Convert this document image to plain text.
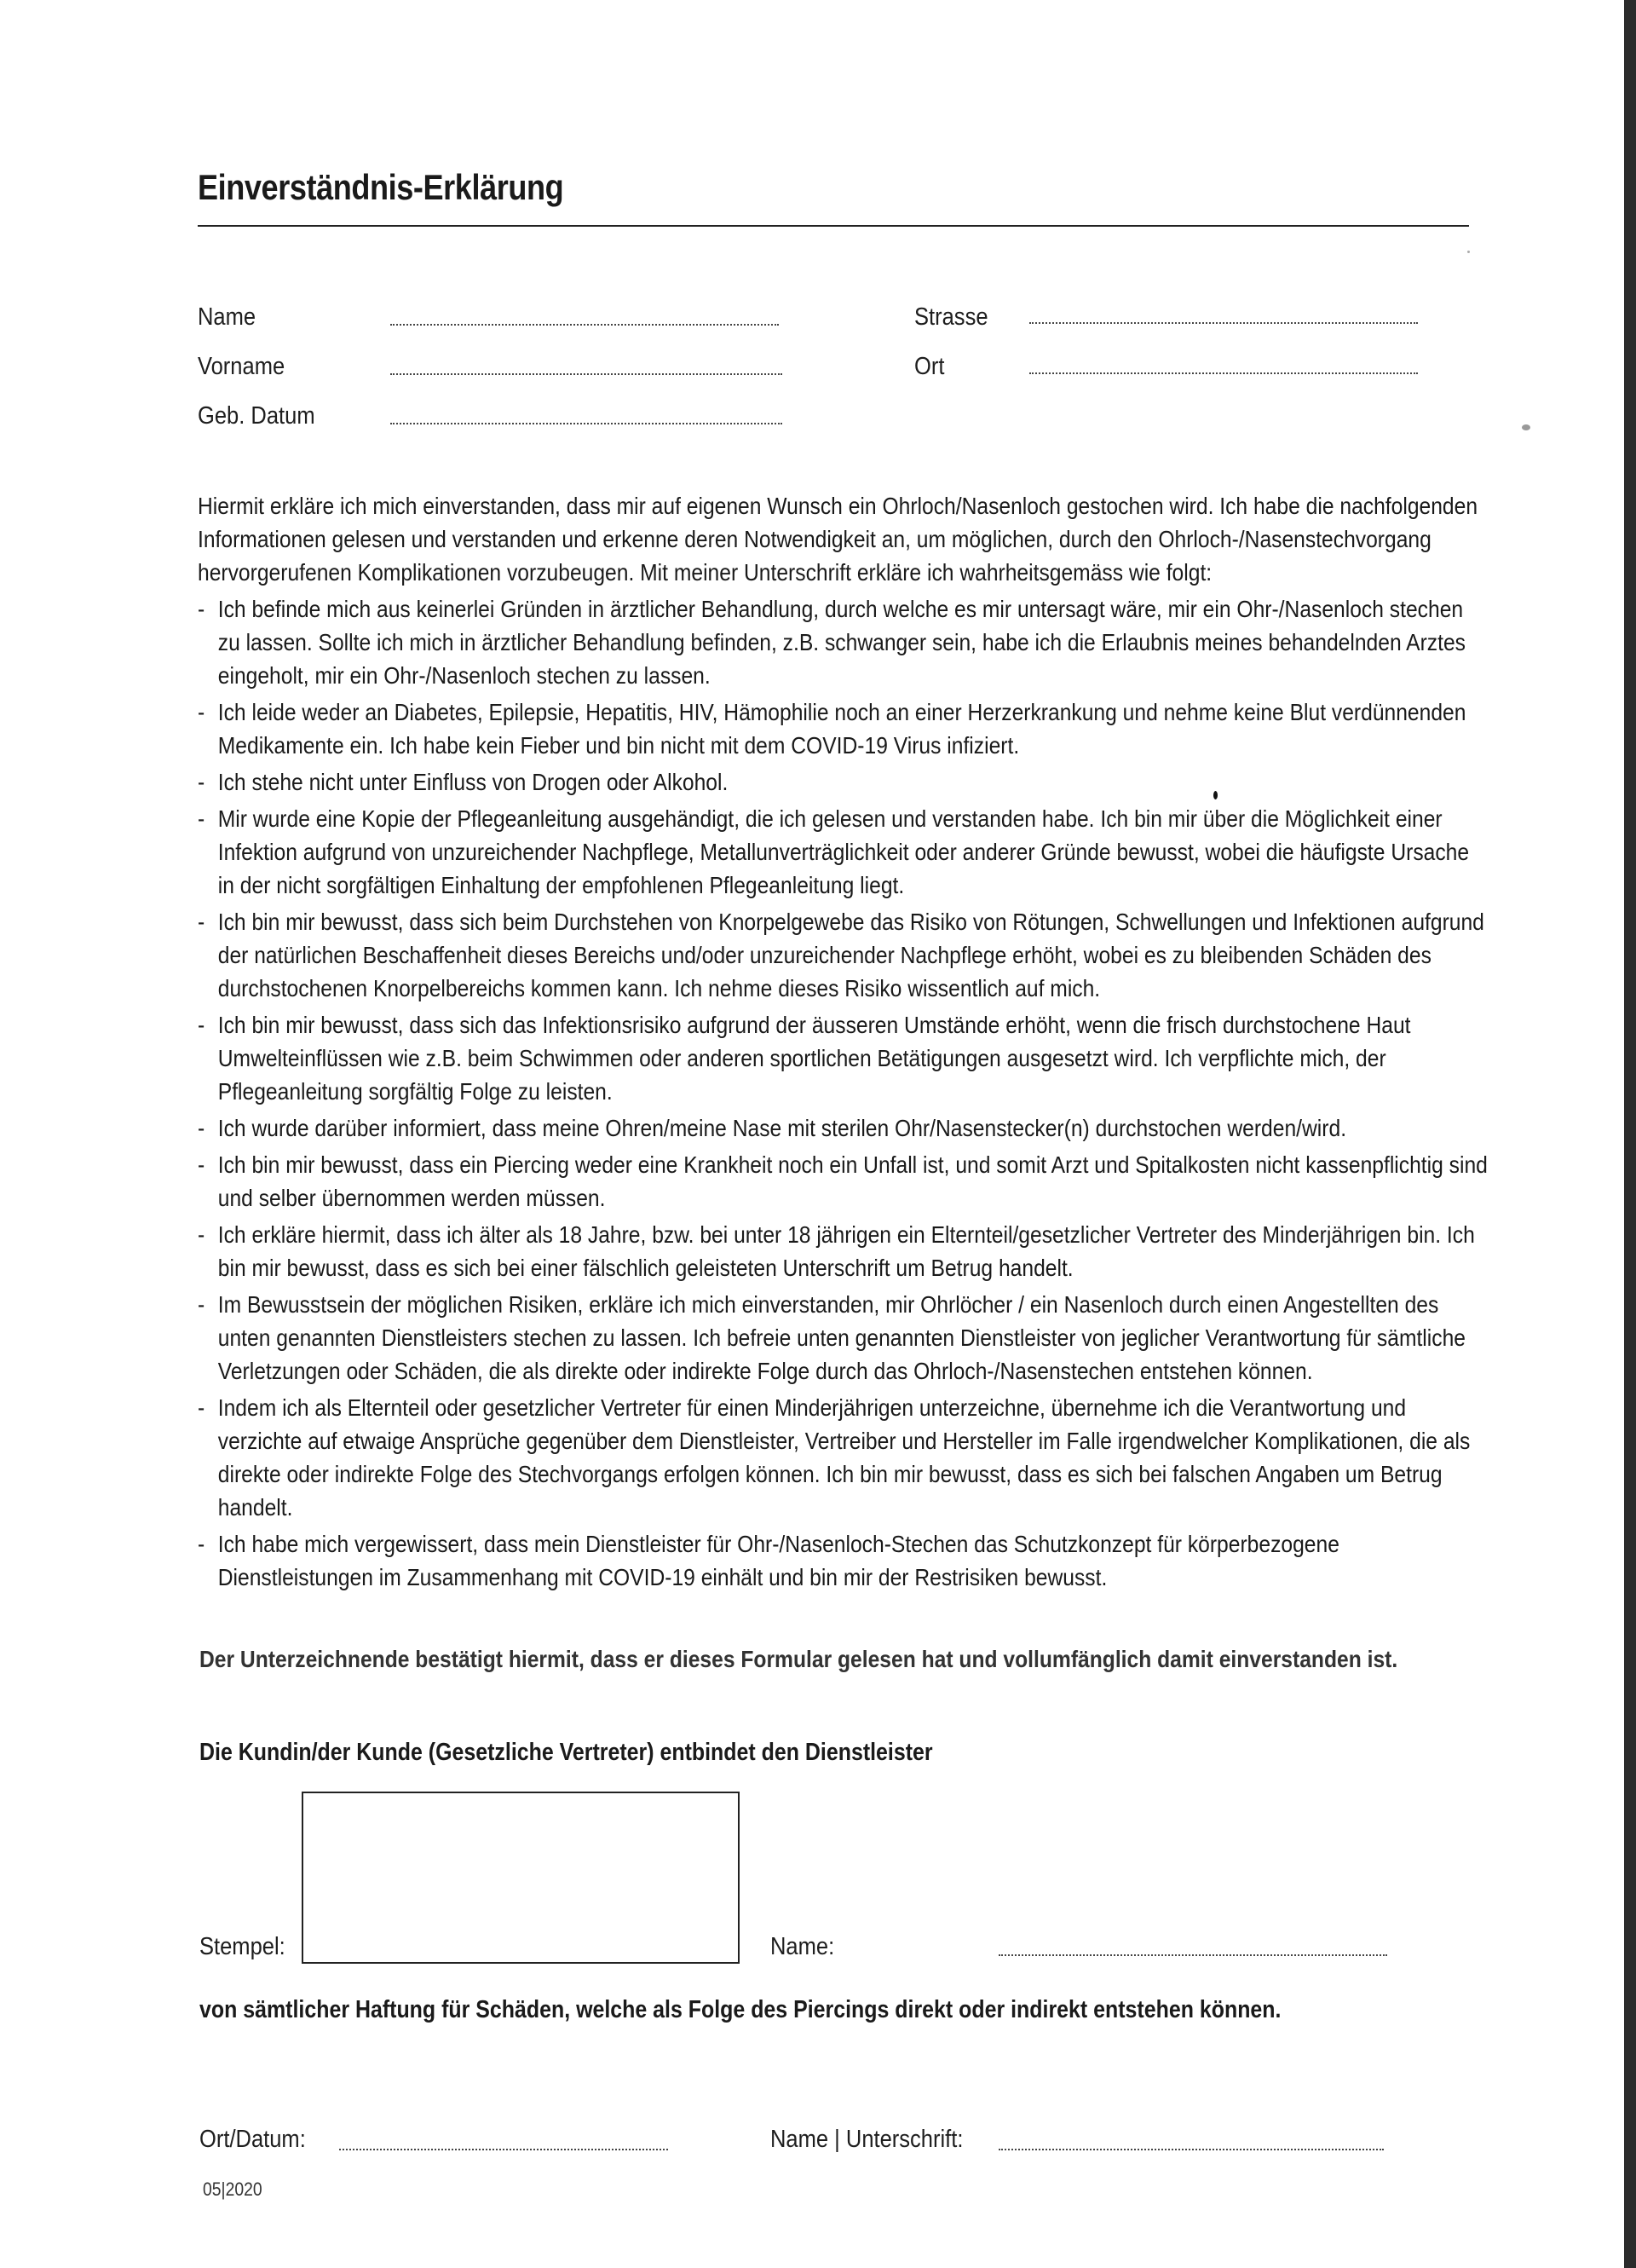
Einverständnis-Erklärung
Name
Vorname
Geb. Datum
Strasse
Ort

Hiermit erkläre ich mich einverstanden, dass mir auf eigenen Wunsch ein Ohrloch/Nasenloch gestochen wird. Ich habe die nachfolgenden Informationen gelesen und verstanden und erkenne deren Notwendigkeit an, um möglichen, durch den Ohrloch-/Nasenstechvorgang hervorgerufenen Komplikationen vorzubeugen. Mit meiner Unterschrift erkläre ich wahrheitsgemäss wie folgt:

- Ich befinde mich aus keinerlei Gründen in ärztlicher Behandlung, durch welche es mir untersagt wäre, mir ein Ohr-/Nasenloch stechen zu lassen. Sollte ich mich in ärztlicher Behandlung befinden, z.B. schwanger sein, habe ich die Erlaubnis meines behandelnden Arztes eingeholt, mir ein Ohr-/Nasenloch stechen zu lassen.
- Ich leide weder an Diabetes, Epilepsie, Hepatitis, HIV, Hämophilie noch an einer Herzerkrankung und nehme keine Blut verdünnenden Medikamente ein. Ich habe kein Fieber und bin nicht mit dem COVID-19 Virus infiziert.
- Ich stehe nicht unter Einfluss von Drogen oder Alkohol.
- Mir wurde eine Kopie der Pflegeanleitung ausgehändigt, die ich gelesen und verstanden habe. Ich bin mir über die Möglichkeit einer Infektion aufgrund von unzureichender Nachpflege, Metallunverträglichkeit oder anderer Gründe bewusst, wobei die häufigste Ursache in der nicht sorgfältigen Einhaltung der empfohlenen Pflegeanleitung liegt.
- Ich bin mir bewusst, dass sich beim Durchstehen von Knorpelgewebe das Risiko von Rötungen, Schwellungen und Infektionen aufgrund der natürlichen Beschaffenheit dieses Bereichs und/oder unzureichender Nachpflege erhöht, wobei es zu bleibenden Schäden des durchstochenen Knorpelbereichs kommen kann. Ich nehme dieses Risiko wissentlich auf mich.
- Ich bin mir bewusst, dass sich das Infektionsrisiko aufgrund der äusseren Umstände erhöht, wenn die frisch durchstochene Haut Umwelteinflüssen wie z.B. beim Schwimmen oder anderen sportlichen Betätigungen ausgesetzt wird. Ich verpflichte mich, der Pflegeanleitung sorgfältig Folge zu leisten.
- Ich wurde darüber informiert, dass meine Ohren/meine Nase mit sterilen Ohr/Nasenstecker(n) durchstochen werden/wird.
- Ich bin mir bewusst, dass ein Piercing weder eine Krankheit noch ein Unfall ist, und somit Arzt und Spitalkosten nicht kassenpflichtig sind und selber übernommen werden müssen.
- Ich erkläre hiermit, dass ich älter als 18 Jahre, bzw. bei unter 18 jährigen ein Elternteil/gesetzlicher Vertreter des Minderjährigen bin. Ich bin mir bewusst, dass es sich bei einer fälschlich geleisteten Unterschrift um Betrug handelt.
- Im Bewusstsein der möglichen Risiken, erkläre ich mich einverstanden, mir Ohrlöcher / ein Nasenloch durch einen Angestellten des unten genannten Dienstleisters stechen zu lassen. Ich befreie unten genannten Dienstleister von jeglicher Verantwortung für sämtliche Verletzungen oder Schäden, die als direkte oder indirekte Folge durch das Ohrloch-/Nasenstechen entstehen können.
- Indem ich als Elternteil oder gesetzlicher Vertreter für einen Minderjährigen unterzeichne, übernehme ich die Verantwortung und verzichte auf etwaige Ansprüche gegenüber dem Dienstleister, Vertreiber und Hersteller im Falle irgendwelcher Komplikationen, die als direkte oder indirekte Folge des Stechvorgangs erfolgen können. Ich bin mir bewusst, dass es sich bei falschen Angaben um Betrug handelt.
- Ich habe mich vergewissert, dass mein Dienstleister für Ohr-/Nasenloch-Stechen das Schutzkonzept für körperbezogene Dienstleistungen im Zusammenhang mit COVID-19 einhält und bin mir der Restrisiken bewusst.
Der Unterzeichnende bestätigt hiermit, dass er dieses Formular gelesen hat und vollumfänglich damit einverstanden ist.
Die Kundin/der Kunde (Gesetzliche Vertreter) entbindet den Dienstleister
Stempel:	Name:
von sämtlicher Haftung für Schäden, welche als Folge des Piercings direkt oder indirekt entstehen können.
Ort/Datum:	Name | Unterschrift:
05|2020
